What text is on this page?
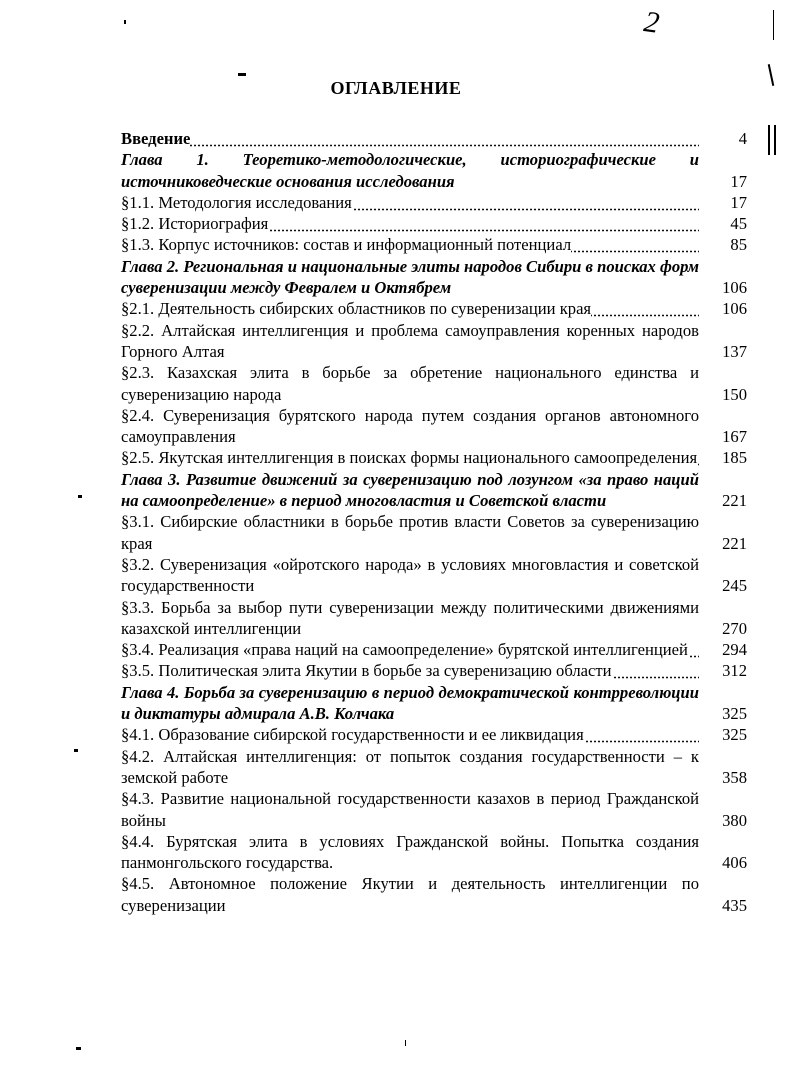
2
ОГЛАВЛЕНИЕ
Введение	4
Глава 1. Теоретико-методологические, историографические и источниковедческие основания исследования	17
§1.1. Методология исследования	17
§1.2. Историография	45
§1.3. Корпус источников: состав и информационный потенциал	85
Глава 2. Региональная и национальные элиты народов Сибири в поисках форм суверенизации между Февралем и Октябрем	106
§2.1. Деятельность сибирских областников по суверенизации края	106
§2.2. Алтайская интеллигенция и проблема самоуправления коренных народов Горного Алтая	137
§2.3. Казахская элита в борьбе за обретение национального единства и суверенизацию народа	150
§2.4. Суверенизация бурятского народа путем создания органов автономного самоуправления	167
§2.5. Якутская интеллигенция в поисках формы национального самоопределения	185
Глава 3. Развитие движений за суверенизацию под лозунгом «за право наций на самоопределение» в период многовластия и Советской власти	221
§3.1. Сибирские областники в борьбе против власти Советов за суверенизацию края	221
§3.2. Суверенизация «ойротского народа» в условиях многовластия и советской государственности	245
§3.3. Борьба за выбор пути суверенизации между политическими движениями казахской интеллигенции	270
§3.4. Реализация «права наций на самоопределение» бурятской интеллигенцией	294
§3.5. Политическая элита Якутии в борьбе за суверенизацию области	312
Глава 4. Борьба за суверенизацию в период демократической контрреволюции и диктатуры адмирала А.В. Колчака	325
§4.1. Образование сибирской государственности и ее ликвидация	325
§4.2. Алтайская интеллигенция: от попыток создания государственности – к земской работе	358
§4.3. Развитие национальной государственности казахов в период Гражданской войны	380
§4.4. Бурятская элита в условиях Гражданской войны. Попытка создания панмонгольского государства.	406
§4.5. Автономное положение Якутии и деятельность интеллигенции по суверенизации	435
